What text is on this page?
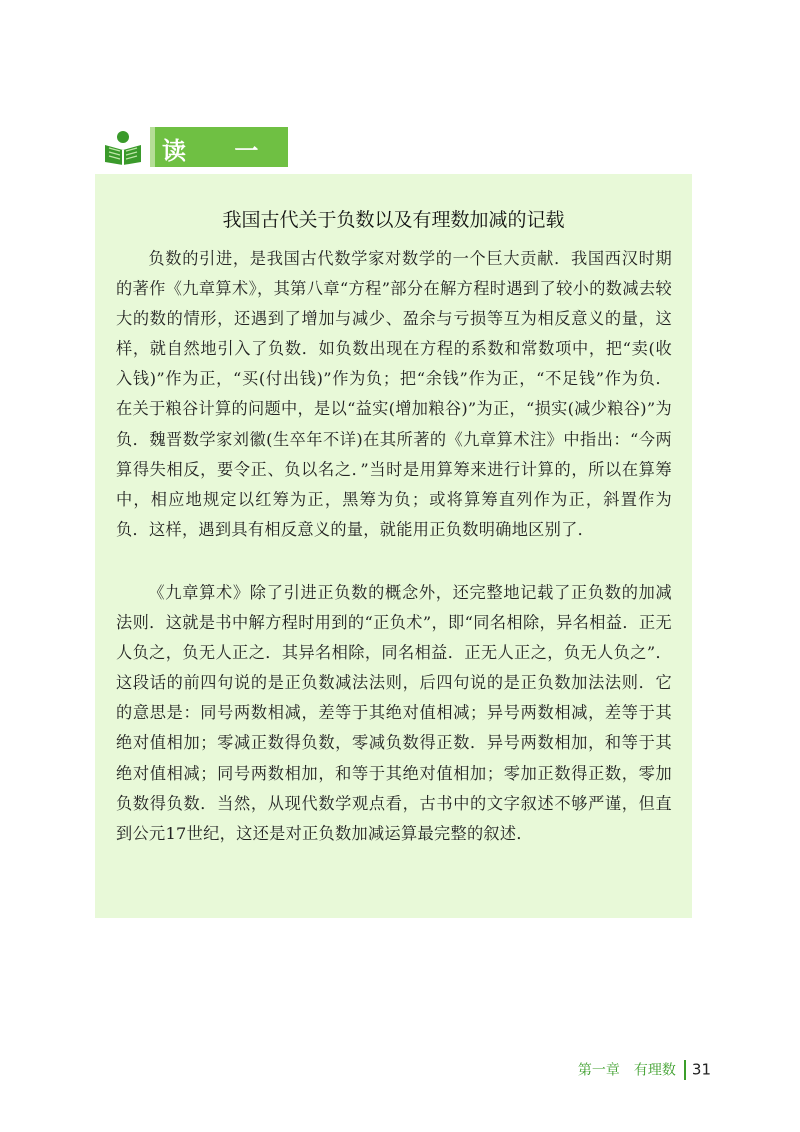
读 一 读
我国古代关于负数以及有理数加减的记载

负数的引进，是我国古代数学家对数学的一个巨大贡献．我国西汉时期的著作《九章算术》，其第八章“方程”部分在解方程时遇到了较小的数减去较大的数的情形，还遇到了增加与减少、盈余与亏损等互为相反意义的量，这样，就自然地引入了负数．如负数出现在方程的系数和常数项中，把“卖(收入钱)”作为正，“买(付出钱)”作为负；把“余钱”作为正，“不足钱”作为负．在关于粮谷计算的问题中，是以“益实(增加粮谷)”为正，“损实(减少粮谷)”为负．魏晋数学家刘徽(生卒年不详)在其所著的《九章算术注》中指出：“今两算得失相反，要令正、负以名之．”当时是用算筹来进行计算的，所以在算筹中，相应地规定以红筹为正，黑筹为负；或将算筹直列作为正，斜置作为负．这样，遇到具有相反意义的量，就能用正负数明确地区别了．

《九章算术》除了引进正负数的概念外，还完整地记载了正负数的加减法则．这就是书中解方程时用到的“正负术”，即“同名相除，异名相益．正无人负之，负无人正之．其异名相除，同名相益．正无人正之，负无人负之”．这段话的前四句说的是正负数减法法则，后四句说的是正负数加法法则．它的意思是：同号两数相减，差等于其绝对值相减；异号两数相减，差等于其绝对值相加；零减正数得负数，零减负数得正数．异号两数相加，和等于其绝对值相减；同号两数相加，和等于其绝对值相加；零加正数得正数，零加负数得负数．当然，从现代数学观点看，古书中的文字叙述不够严谨，但直到公元17世纪，这还是对正负数加减运算最完整的叙述．

第一章　有理数 31
